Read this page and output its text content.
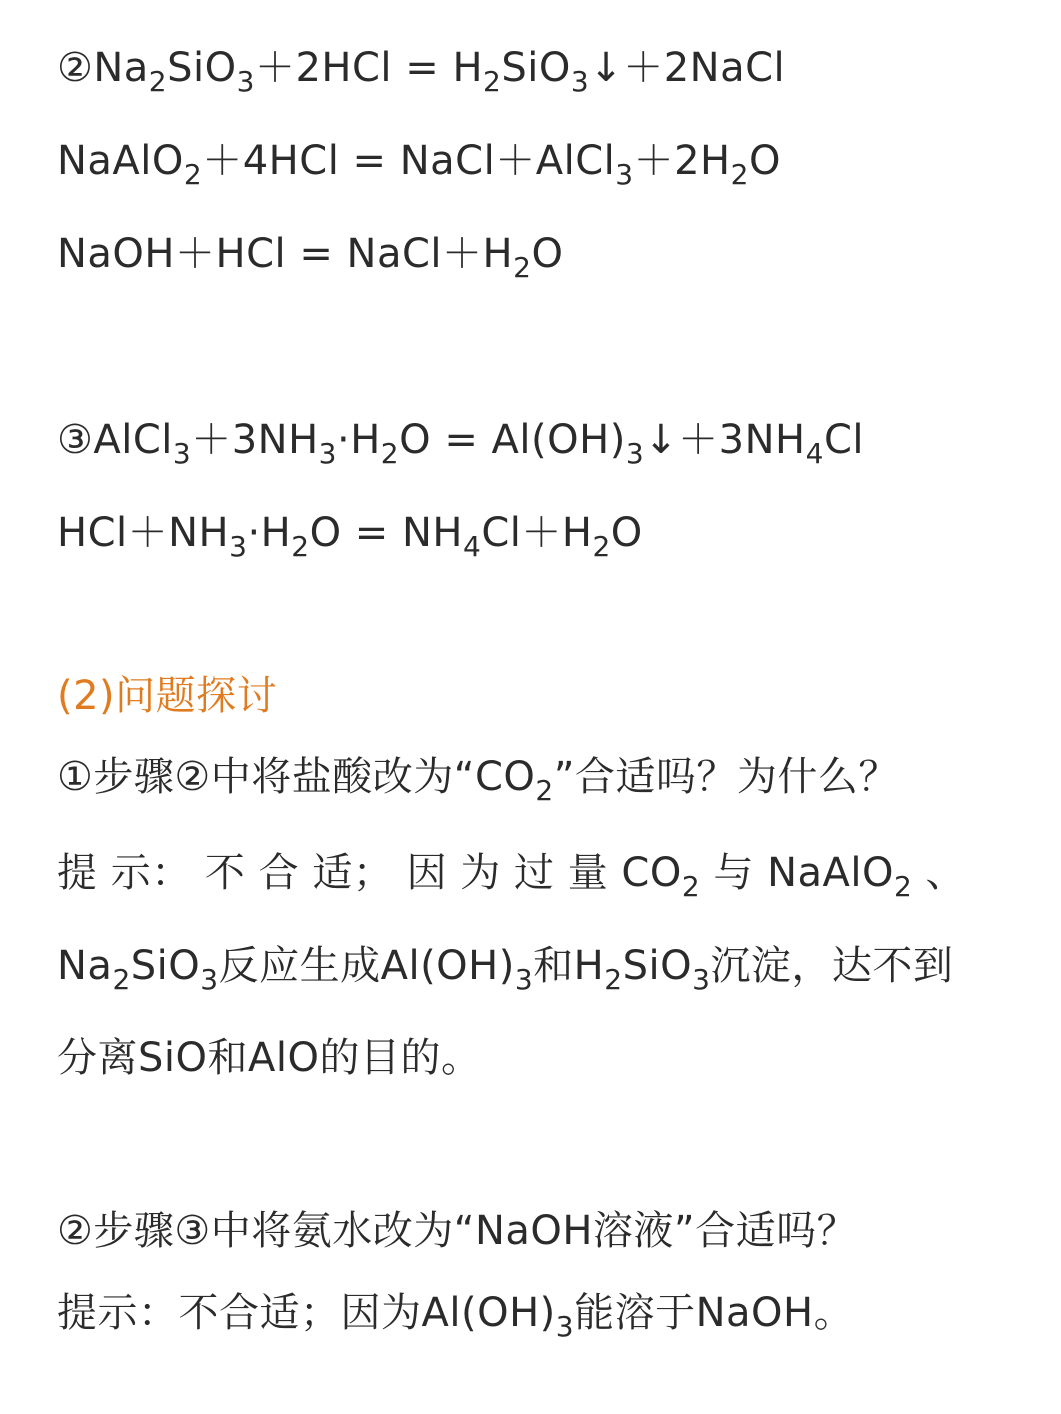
$②Na_2SiO_3+2HCl$ = $H_2SiO_3↓+2NaCl$
NaAlO$_2$＋4HCl = $NaCl+AlCl_3+2H_2O$
NaOH＋HCl = $NaCl+H_2O$
$③AlCl_3+3NH_3\cdot H_2O$ = $Al(OH)_3↓+3NH_4Cl$
$HCl+NH_3\cdot H_2O = NH_4Cl+H_2O$
(2)问题探讨
①步骤②中将盐酸改为“$CO_2$”合适吗？为什么？
提 示： 不 合 适； 因 为 过 量 $CO_2$ 与 NaAlO$_2$ 、
$Na_2SiO_3$反应生成$Al(OH)_3$和$H_2SiO_3$沉淀，达不到
分离SiO和AlO的目的。
②步骤③中将氨水改为“NaOH溶液”合适吗？
提示：不合适；因为$Al(OH)_3$能溶于NaOH。
